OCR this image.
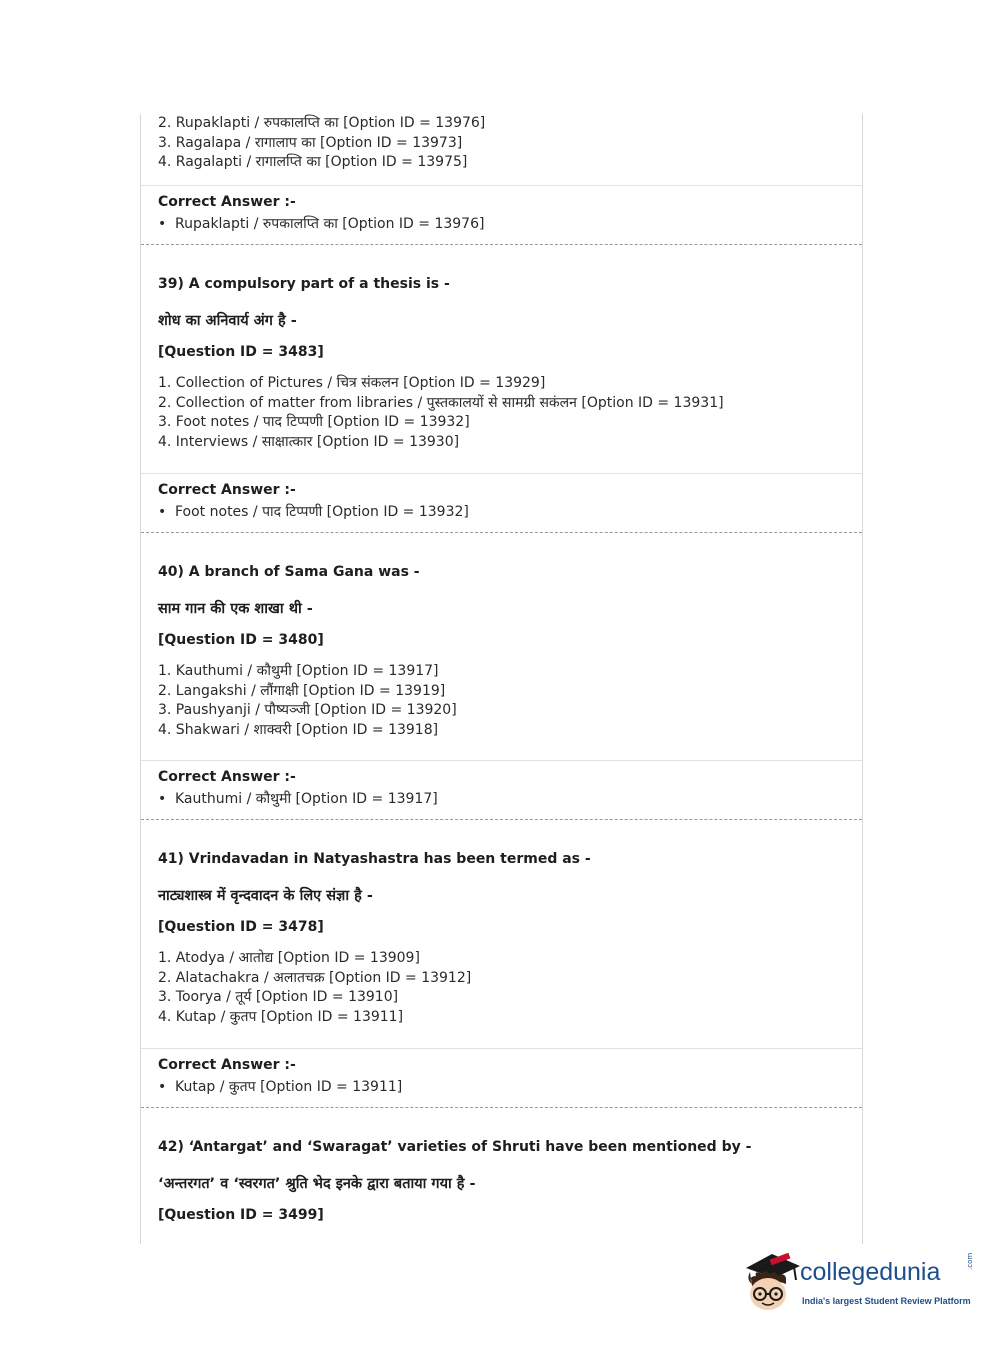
2. Rupaklapti / रुपकालप्ति का [Option ID = 13976]
3. Ragalapa / रागालाप का [Option ID = 13973]
4. Ragalapti / रागालप्ति का [Option ID = 13975]
Correct Answer :-
• Rupaklapti / रुपकालप्ति का [Option ID = 13976]
39) A compulsory part of a thesis is -
शोध का अनिवार्य अंग है -
[Question ID = 3483]
1. Collection of Pictures / चित्र संकलन [Option ID = 13929]
2. Collection of matter from libraries / पुस्तकालयों से सामग्री सकंलन [Option ID = 13931]
3. Foot notes / पाद टिप्पणी [Option ID = 13932]
4. Interviews / साक्षात्कार [Option ID = 13930]
Correct Answer :-
• Foot notes / पाद टिप्पणी [Option ID = 13932]
40) A branch of Sama Gana was -
साम गान की एक शाखा थी -
[Question ID = 3480]
1. Kauthumi / कौथुमी [Option ID = 13917]
2. Langakshi / लौंगाक्षी [Option ID = 13919]
3. Paushyanji / पौष्यञ्जी [Option ID = 13920]
4. Shakwari / शाक्वरी [Option ID = 13918]
Correct Answer :-
• Kauthumi / कौथुमी [Option ID = 13917]
41) Vrindavadan in Natyashastra has been termed as -
नाट्यशास्त्र में वृन्दवादन के लिए संज्ञा है -
[Question ID = 3478]
1. Atodya / आतोद्य [Option ID = 13909]
2. Alatachakra / अलातचक्र [Option ID = 13912]
3. Toorya / तूर्य [Option ID = 13910]
4. Kutap / कुतप [Option ID = 13911]
Correct Answer :-
• Kutap / कुतप [Option ID = 13911]
42) ‘Antargat’ and ‘Swaragat’ varieties of Shruti have been mentioned by -
‘अन्तरगत’ व ‘स्वरगत’ श्रुति भेद इनके द्वारा बताया गया है -
[Question ID = 3499]
collegedunia	.com
India's largest Student Review Platform
